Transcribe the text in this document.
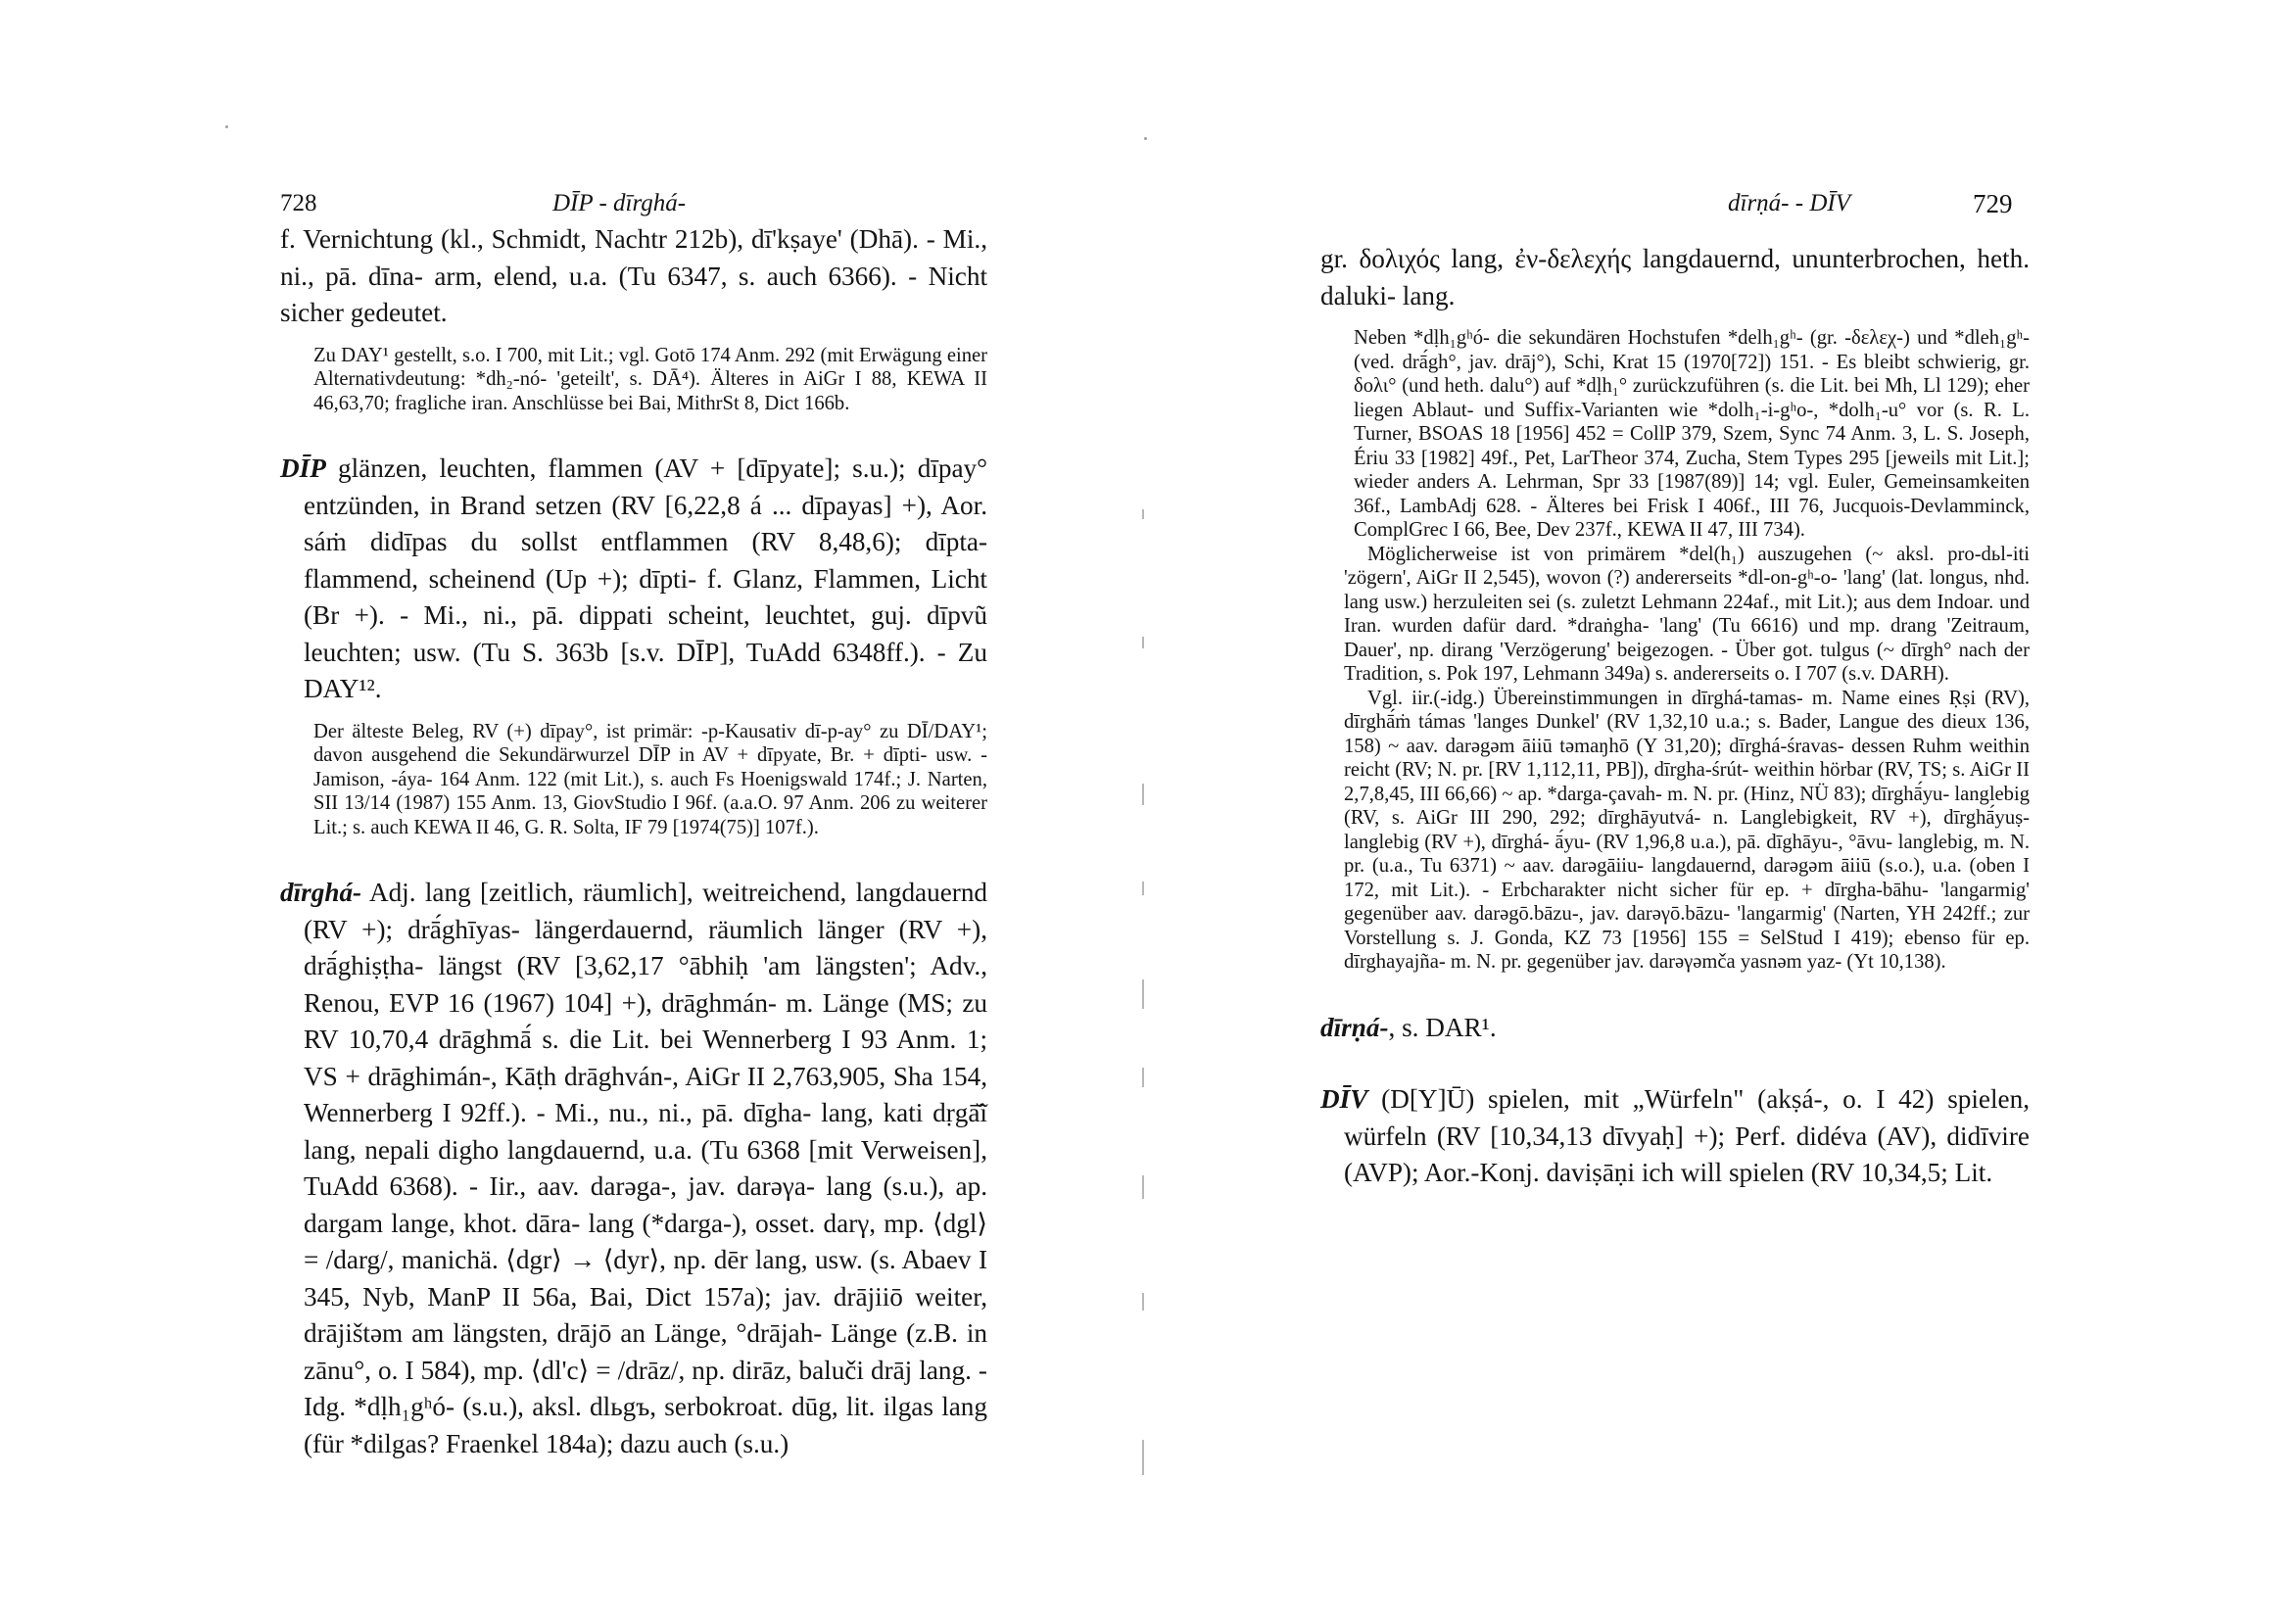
728	DĪP - dīrghá-

f. Vernichtung (kl., Schmidt, Nachtr 212b), dī'kṣaye' (Dhā). - Mi., ni., pā. dīna- arm, elend, u.a. (Tu 6347, s. auch 6366). - Nicht sicher gedeutet.

Zu DAY¹ gestellt, s.o. I 700, mit Lit.; vgl. Gotō 174 Anm. 292 (mit Erwägung einer Alternativdeutung: *dh₂-nó- 'geteilt', s. DĀ⁴). Älteres in AiGr I 88, KEWA II 46,63,70; fragliche iran. Anschlüsse bei Bai, MithrSt 8, Dict 166b.

DĪP glänzen, leuchten, flammen (AV + [dīpyate]; s.u.); dīpay° entzünden, in Brand setzen (RV [6,22,8 á ... dīpayas] +), Aor. sáṁ didīpas du sollst entflammen (RV 8,48,6); dīpta- flammend, scheinend (Up +); dīpti- f. Glanz, Flammen, Licht (Br +). - Mi., ni., pā. dippati scheint, leuchtet, guj. dīpvũ leuchten; usw. (Tu S. 363b [s.v. DĪP], TuAdd 6348ff.). - Zu DAY¹².

Der älteste Beleg, RV (+) dīpay°, ist primär: -p-Kausativ dī-p-ay° zu DĪ/DAY¹; davon ausgehend die Sekundärwurzel DĪP in AV + dīpyate, Br. + dīpti- usw. - Jamison, -áya- 164 Anm. 122 (mit Lit.), s. auch Fs Hoenigswald 174f.; J. Narten, SII 13/14 (1987) 155 Anm. 13, GiovStudio I 96f. (a.a.O. 97 Anm. 206 zu weiterer Lit.; s. auch KEWA II 46, G. R. Solta, IF 79 [1974(75)] 107f.).

dīrghá- Adj. lang [zeitlich, räumlich], weitreichend, langdauernd (RV +); drā́ghīyas- längerdauernd, räumlich länger (RV +), drā́ghiṣṭha- längst (RV [3,62,17 °ābhiḥ 'am längsten'; Adv., Renou, EVP 16 (1967) 104] +), drāghmán- m. Länge (MS; zu RV 10,70,4 drāghmā́ s. die Lit. bei Wennerberg I 93 Anm. 1; VS + drāghimán-, Kāṭh drāghván-, AiGr II 2,763,905, Sha 154, Wennerberg I 92ff.). - Mi., nu., ni., pā. dīgha- lang, kati dṛgā̆ĩ lang, nepali digho langdauernd, u.a. (Tu 6368 [mit Verweisen], TuAdd 6368). - Iir., aav. darəga-, jav. darəγa- lang (s.u.), ap. dargam lange, khot. dāra- lang (*darga-), osset. darγ, mp. ⟨dgl⟩ = /darg/, manichä. ⟨dgr⟩ → ⟨dyr⟩, np. dēr lang, usw. (s. Abaev I 345, Nyb, ManP II 56a, Bai, Dict 157a); jav. drājiiō weiter, drājištəm am längsten, drājō an Länge, °drājah- Länge (z.B. in zānu°, o. I 584), mp. ⟨dl'c⟩ = /drāz/, np. dirāz, baluči drāj lang. - Idg. *dḷh₁gʰó- (s.u.), aksl. dlьgъ, serbokroat. dūg, lit. ilgas lang (für *dilgas? Fraenkel 184a); dazu auch (s.u.)

dīrṇá- - DĪV	729

gr. δολιχός lang, ἐν-δελεχής langdauernd, ununterbrochen, heth. daluki- lang.

Neben *dḷh₁gʰó- die sekundären Hochstufen *delh₁gʰ- (gr. -δελεχ-) und *dleh₁gʰ- (ved. drā́gh°, jav. drāj°), Schi, Krat 15 (1970[72]) 151. - Es bleibt schwierig, gr. δολι° (und heth. dalu°) auf *dḷh₁° zurückzuführen (s. die Lit. bei Mh, Ll 129); eher liegen Ablaut- und Suffix-Varianten wie *dolh₁-i-gʰo-, *dolh₁-u° vor (s. R. L. Turner, BSOAS 18 [1956] 452 = CollP 379, Szem, Sync 74 Anm. 3, L. S. Joseph, Ériu 33 [1982] 49f., Pet, LarTheor 374, Zucha, Stem Types 295 [jeweils mit Lit.]; wieder anders A. Lehrman, Spr 33 [1987(89)] 14; vgl. Euler, Gemeinsamkeiten 36f., LambAdj 628. - Älteres bei Frisk I 406f., III 76, Jucquois-Devlamminck, ComplGrec I 66, Bee, Dev 237f., KEWA II 47, III 734).

Möglicherweise ist von primärem *del(h₁) auszugehen (~ aksl. pro-dьl-iti 'zögern', AiGr II 2,545), wovon (?) andererseits *dl-on-gʰ-o- 'lang' (lat. longus, nhd. lang usw.) herzuleiten sei (s. zuletzt Lehmann 224af., mit Lit.); aus dem Indoar. und Iran. wurden dafür dard. *draṅgha- 'lang' (Tu 6616) und mp. drang 'Zeitraum, Dauer', np. dirang 'Verzögerung' beigezogen. - Über got. tulgus (~ dīrgh° nach der Tradition, s. Pok 197, Lehmann 349a) s. andererseits o. I 707 (s.v. DARH).

Vgl. iir.(-idg.) Übereinstimmungen in dīrghá-tamas- m. Name eines Ṛṣi (RV), dīrghā́ṁ támas 'langes Dunkel' (RV 1,32,10 u.a.; s. Bader, Langue des dieux 136, 158) ~ aav. darəgəm āiiū təmaŋhō (Y 31,20); dīrghá-śravas- dessen Ruhm weithin reicht (RV; N. pr. [RV 1,112,11, PB]), dīrgha-śrút- weithin hörbar (RV, TS; s. AiGr II 2,7,8,45, III 66,66) ~ ap. *darga-çavah- m. N. pr. (Hinz, NÜ 83); dīrghā́yu- langlebig (RV, s. AiGr III 290, 292; dīrghāyutvá- n. Langlebigkeit, RV +), dīrghā́yuṣ- langlebig (RV +), dīrghá- ā́yu- (RV 1,96,8 u.a.), pā. dīghāyu-, °āvu- langlebig, m. N. pr. (u.a., Tu 6371) ~ aav. darəgāiiu- langdauernd, darəgəm āiiū (s.o.), u.a. (oben I 172, mit Lit.). - Erbcharakter nicht sicher für ep. + dīrgha-bāhu- 'langarmig' gegenüber aav. darəgō.bāzu-, jav. darəγō.bāzu- 'langarmig' (Narten, YH 242ff.; zur Vorstellung s. J. Gonda, KZ 73 [1956] 155 = SelStud I 419); ebenso für ep. dīrghayajña- m. N. pr. gegenüber jav. darəγəmča yasnəm yaz- (Yt 10,138).

dīrṇá-, s. DAR¹.

DĪV (D[Y]Ū) spielen, mit „Würfeln" (akṣá-, o. I 42) spielen, würfeln (RV [10,34,13 dīvyaḥ] +); Perf. didéva (AV), didīvire (AVP); Aor.-Konj. daviṣāṇi ich will spielen (RV 10,34,5; Lit.
